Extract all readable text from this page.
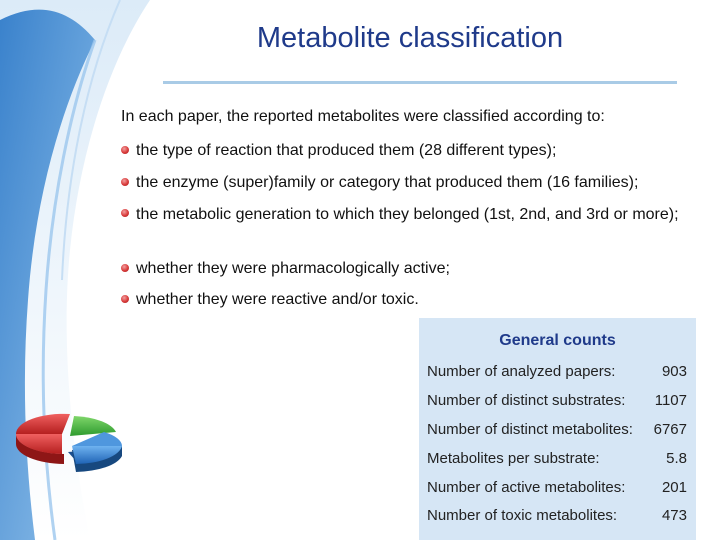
Metabolite classification
In each paper, the reported metabolites were classified according to:
the type of reaction that produced them (28 different types);
the enzyme (super)family or category that produced them (16 families);
the metabolic generation to which they belonged (1st, 2nd, and 3rd or more);
whether they were pharmacologically active;
whether they were reactive and/or toxic.
General counts
Number of analyzed papers:	903
Number of distinct substrates: 1107
Number of distinct metabolites: 6767
Metabolites per substrate:	5.8
Number of active metabolites: 201
Number of toxic metabolites:	473
